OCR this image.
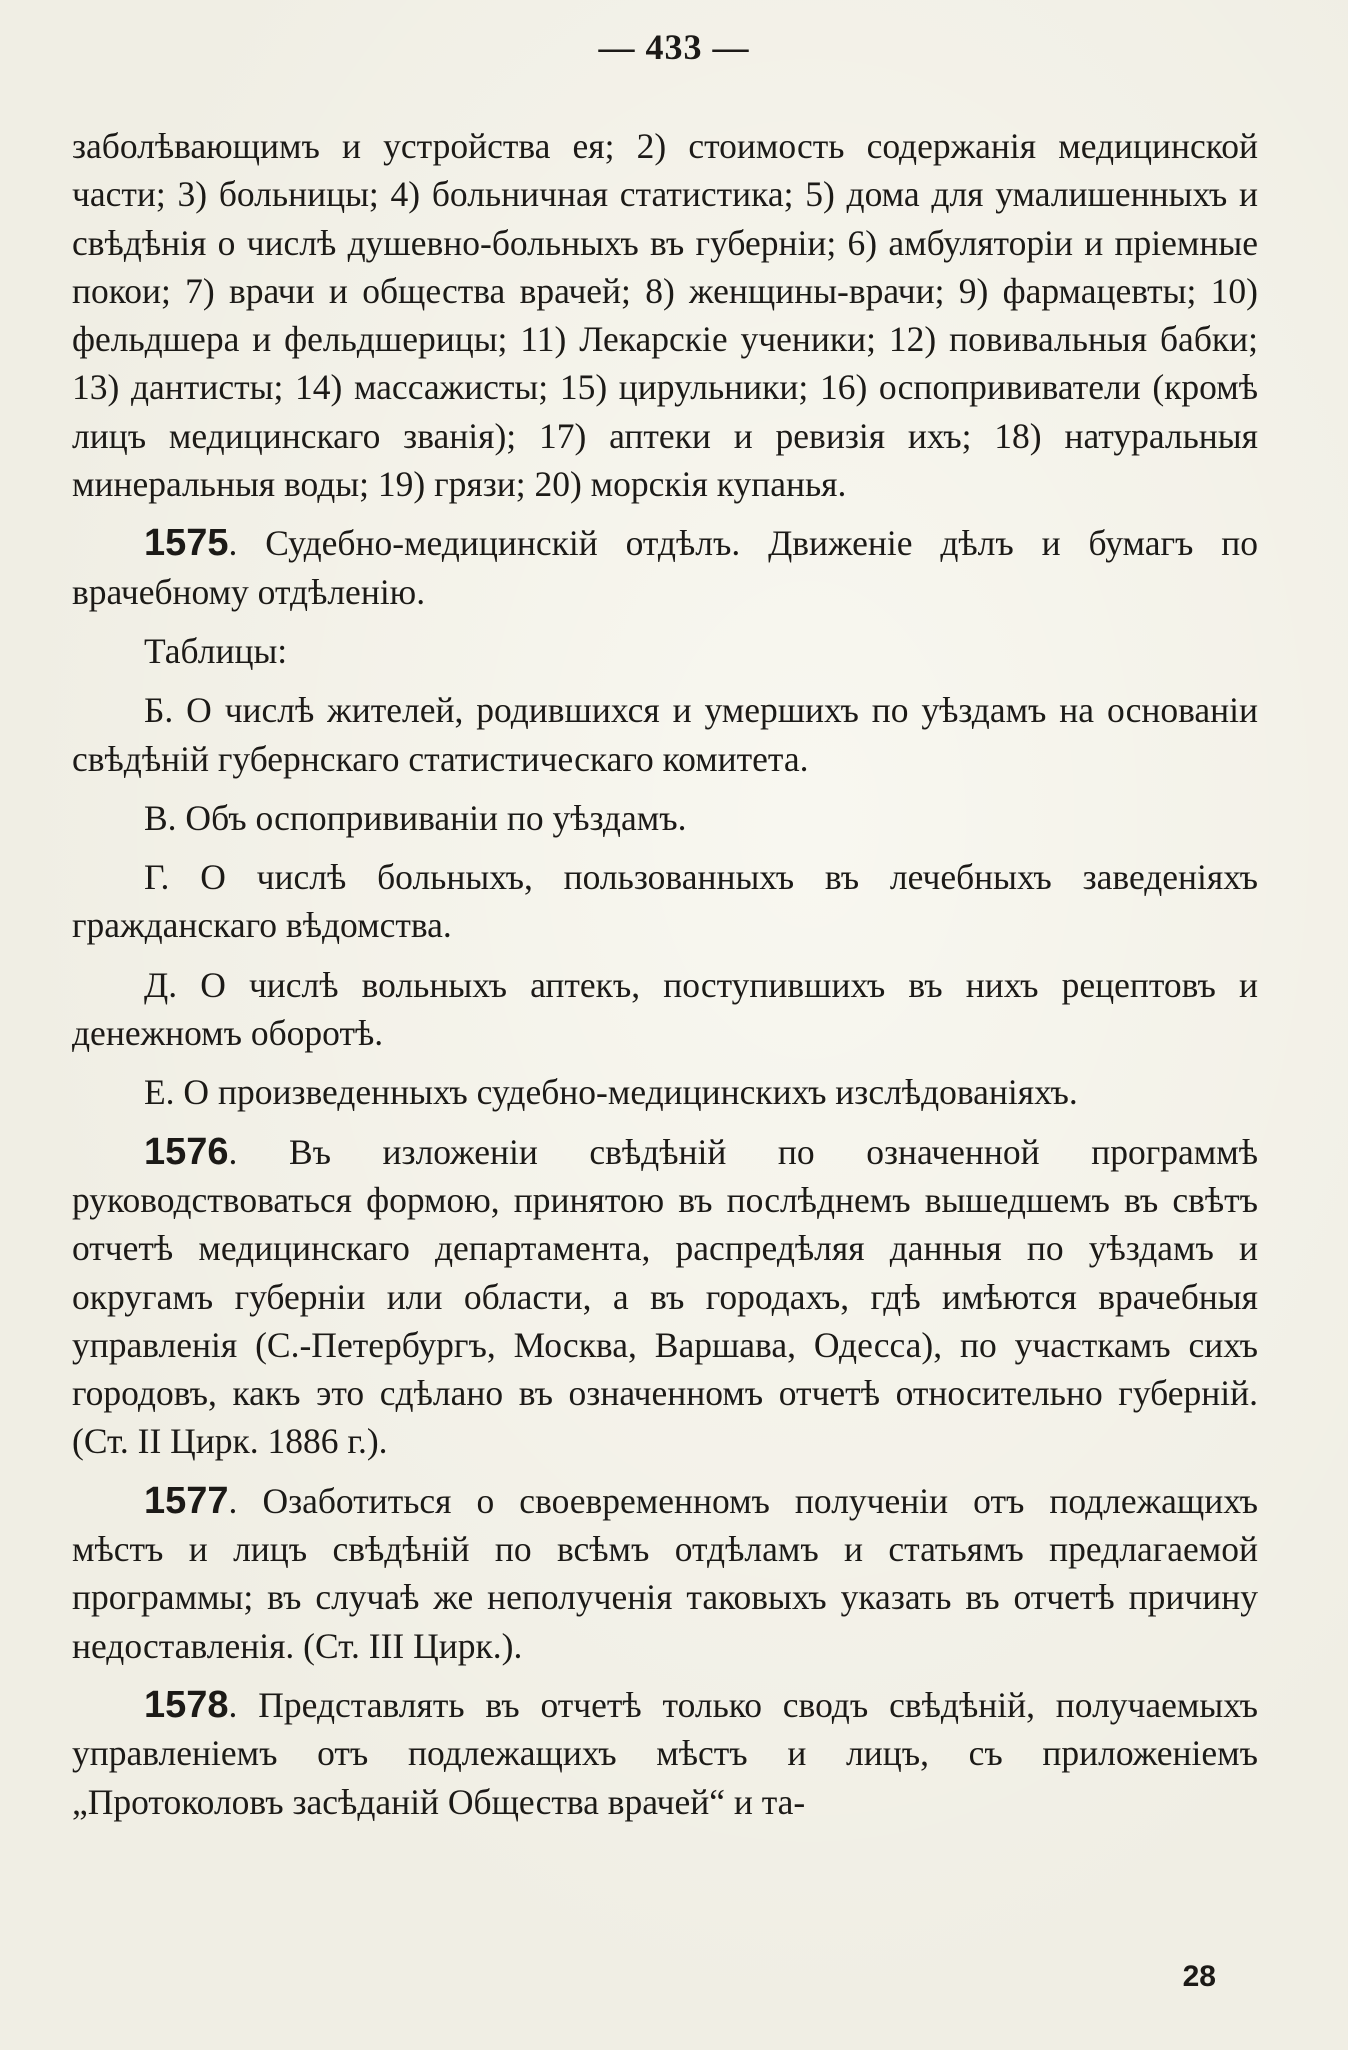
— 433 —

заболѣвающимъ и устройства ея; 2) стоимость содержанія медицинской части; 3) больницы; 4) больничная статистика; 5) дома для умалишенныхъ и свѣдѣнія о числѣ душевно-больныхъ въ губерніи; 6) амбуляторіи и пріемные покои; 7) врачи и общества врачей; 8) женщины-врачи; 9) фармацевты; 10) фельдшера и фельдшерицы; 11) Лекарскіе ученики; 12) повивальныя бабки; 13) дантисты; 14) массажисты; 15) цирульники; 16) оспопрививатели (кромѣ лицъ медицинскаго званія); 17) аптеки и ревизія ихъ; 18) натуральныя минеральныя воды; 19) грязи; 20) морскія купанья.

1575. Судебно-медицинскій отдѣлъ. Движеніе дѣлъ и бумагъ по врачебному отдѣленію.

Таблицы:

Б. О числѣ жителей, родившихся и умершихъ по уѣздамъ на основаніи свѣдѣній губернскаго статистическаго комитета.

В. Объ оспопрививаніи по уѣздамъ.

Г. О числѣ больныхъ, пользованныхъ въ лечебныхъ заведеніяхъ гражданскаго вѣдомства.

Д. О числѣ вольныхъ аптекъ, поступившихъ въ нихъ рецептовъ и денежномъ оборотѣ.

Е. О произведенныхъ судебно-медицинскихъ изслѣдованіяхъ.

1576. Въ изложеніи свѣдѣній по означенной программѣ руководствоваться формою, принятою въ послѣднемъ вышедшемъ въ свѣтъ отчетѣ медицинскаго департамента, распредѣляя данныя по уѣздамъ и округамъ губерніи или области, а въ городахъ, гдѣ имѣются врачебныя управленія (С.-Петербургъ, Москва, Варшава, Одесса), по участкамъ сихъ городовъ, какъ это сдѣлано въ означенномъ отчетѣ относительно губерній. (Ст. II Цирк. 1886 г.).

1577. Озаботиться о своевременномъ полученіи отъ подлежащихъ мѣстъ и лицъ свѣдѣній по всѣмъ отдѣламъ и статьямъ предлагаемой программы; въ случаѣ же неполученія таковыхъ указать въ отчетѣ причину недоставленія. (Ст. III Цирк.).

1578. Представлять въ отчетѣ только сводъ свѣдѣній, получаемыхъ управленіемъ отъ подлежащихъ мѣстъ и лицъ, съ приложеніемъ „Протоколовъ засѣданій Общества врачей“ и та-

28
